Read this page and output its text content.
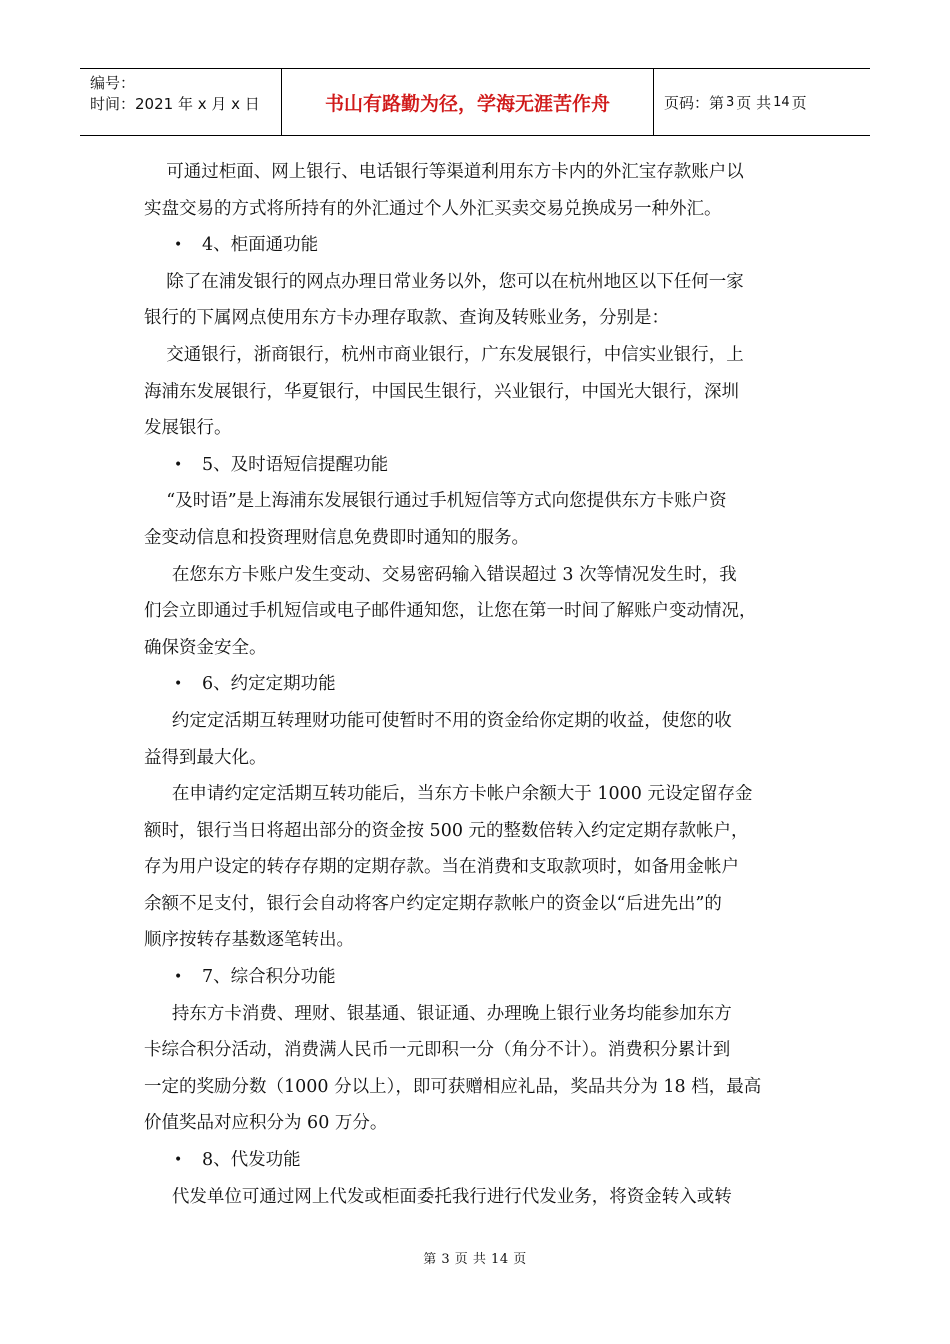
编号：
时间：2021 年 x 月 x 日	书山有路勤为径，学海无涯苦作舟	页码：第 3 页 共 14 页
可通过柜面、网上银行、电话银行等渠道利用东方卡内的外汇宝存款账户以
实盘交易的方式将所持有的外汇通过个人外汇买卖交易兑换成另一种外汇。
• 4、柜面通功能
除了在浦发银行的网点办理日常业务以外，您可以在杭州地区以下任何一家
银行的下属网点使用东方卡办理存取款、查询及转账业务，分别是：
交通银行，浙商银行，杭州市商业银行，广东发展银行，中信实业银行，上
海浦东发展银行，华夏银行，中国民生银行，兴业银行，中国光大银行，深圳
发展银行。
• 5、及时语短信提醒功能
“及时语”是上海浦东发展银行通过手机短信等方式向您提供东方卡账户资
金变动信息和投资理财信息免费即时通知的服务。
在您东方卡账户发生变动、交易密码输入错误超过 3 次等情况发生时，我
们会立即通过手机短信或电子邮件通知您，让您在第一时间了解账户变动情况，
确保资金安全。
• 6、约定定期功能
约定定活期互转理财功能可使暂时不用的资金给你定期的收益，使您的收
益得到最大化。
在申请约定定活期互转功能后，当东方卡帐户余额大于 1000 元设定留存金
额时，银行当日将超出部分的资金按 500 元的整数倍转入约定定期存款帐户，
存为用户设定的转存存期的定期存款。当在消费和支取款项时，如备用金帐户
余额不足支付，银行会自动将客户约定定期存款帐户的资金以“后进先出”的
顺序按转存基数逐笔转出。
• 7、综合积分功能
持东方卡消费、理财、银基通、银证通、办理晚上银行业务均能参加东方
卡综合积分活动，消费满人民币一元即积一分（角分不计）。消费积分累计到
一定的奖励分数（1000 分以上），即可获赠相应礼品，奖品共分为 18 档，最高
价值奖品对应积分为 60 万分。
• 8、代发功能
代发单位可通过网上代发或柜面委托我行进行代发业务，将资金转入或转
第 3 页 共 14 页
